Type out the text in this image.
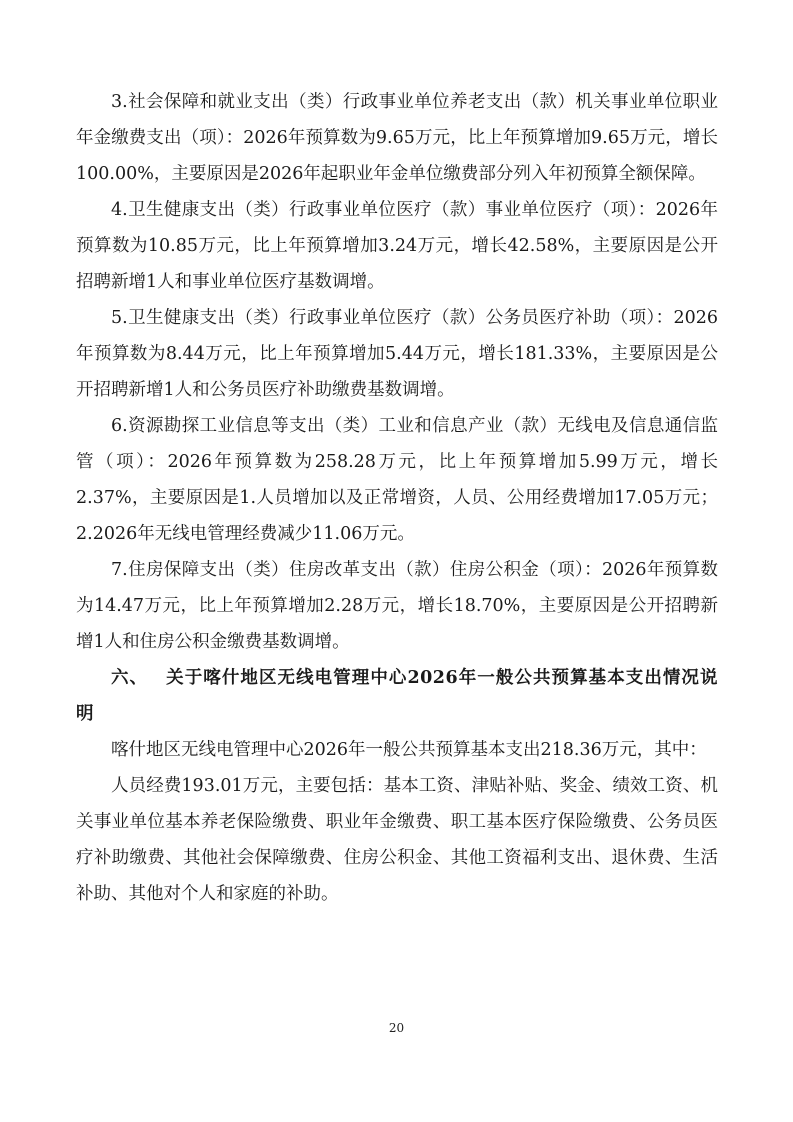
3.社会保障和就业支出（类）行政事业单位养老支出（款）机关事业单位职业年金缴费支出（项）：2026年预算数为9.65万元，比上年预算增加9.65万元，增长100.00%，主要原因是2026年起职业年金单位缴费部分列入年初预算全额保障。

4.卫生健康支出（类）行政事业单位医疗（款）事业单位医疗（项）：2026年预算数为10.85万元，比上年预算增加3.24万元，增长42.58%，主要原因是公开招聘新增1人和事业单位医疗基数调增。

5.卫生健康支出（类）行政事业单位医疗（款）公务员医疗补助（项）：2026年预算数为8.44万元，比上年预算增加5.44万元，增长181.33%，主要原因是公开招聘新增1人和公务员医疗补助缴费基数调增。

6.资源勘探工业信息等支出（类）工业和信息产业（款）无线电及信息通信监管（项）：2026年预算数为258.28万元，比上年预算增加5.99万元，增长2.37%，主要原因是1.人员增加以及正常增资，人员、公用经费增加17.05万元；2.2026年无线电管理经费减少11.06万元。

7.住房保障支出（类）住房改革支出（款）住房公积金（项）：2026年预算数为14.47万元，比上年预算增加2.28万元，增长18.70%，主要原因是公开招聘新增1人和住房公积金缴费基数调增。

六、 关于喀什地区无线电管理中心2026年一般公共预算基本支出情况说明

喀什地区无线电管理中心2026年一般公共预算基本支出218.36万元，其中：

人员经费193.01万元，主要包括：基本工资、津贴补贴、奖金、绩效工资、机关事业单位基本养老保险缴费、职业年金缴费、职工基本医疗保险缴费、公务员医疗补助缴费、其他社会保障缴费、住房公积金、其他工资福利支出、退休费、生活补助、其他对个人和家庭的补助。

20
